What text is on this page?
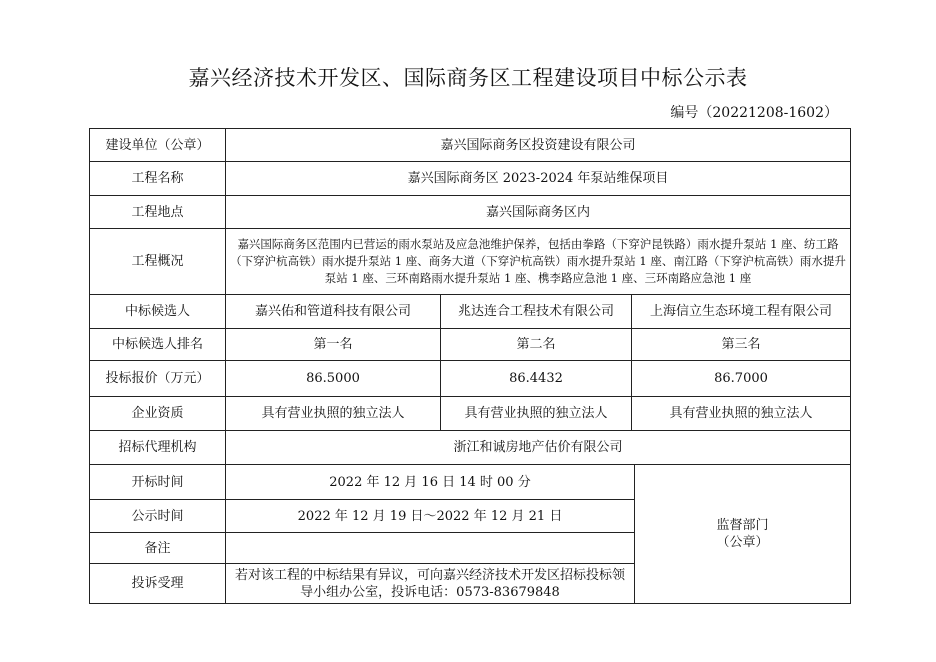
嘉兴经济技术开发区、国际商务区工程建设项目中标公示表
编号（20221208-1602）
建设单位（公章）	嘉兴国际商务区投资建设有限公司			
工程名称	嘉兴国际商务区 2023-2024 年泵站维保项目			
工程地点	嘉兴国际商务区内			
工程概况	嘉兴国际商务区范围内已营运的雨水泵站及应急池维护保养，包括由拳路（下穿沪昆铁路）雨水提升泵站 1 座、纺工路（下穿沪杭高铁）雨水提升泵站 1 座、商务大道（下穿沪杭高铁）雨水提升泵站 1 座、南江路（下穿沪杭高铁）雨水提升泵站 1 座、三环南路雨水提升泵站 1 座、槜李路应急池 1 座、三环南路应急池 1 座			
中标候选人	嘉兴佑和管道科技有限公司	兆达连合工程技术有限公司	上海信立生态环境工程有限公司	
中标候选人排名	第一名	第二名	第三名	
投标报价（万元）	86.5000	86.4432	86.7000	
企业资质	具有营业执照的独立法人	具有营业执照的独立法人	具有营业执照的独立法人	
招标代理机构	浙江和诚房地产估价有限公司			
开标时间	2022 年 12 月 16 日 14 时 00 分			监督部门
（公章）

公示时间	2022 年 12 月 19 日～2022 年 12 月 21 日			
备注				
投诉受理	若对该工程的中标结果有异议，可向嘉兴经济技术开发区招标投标领导小组办公室，投诉电话：0573-83679848			
